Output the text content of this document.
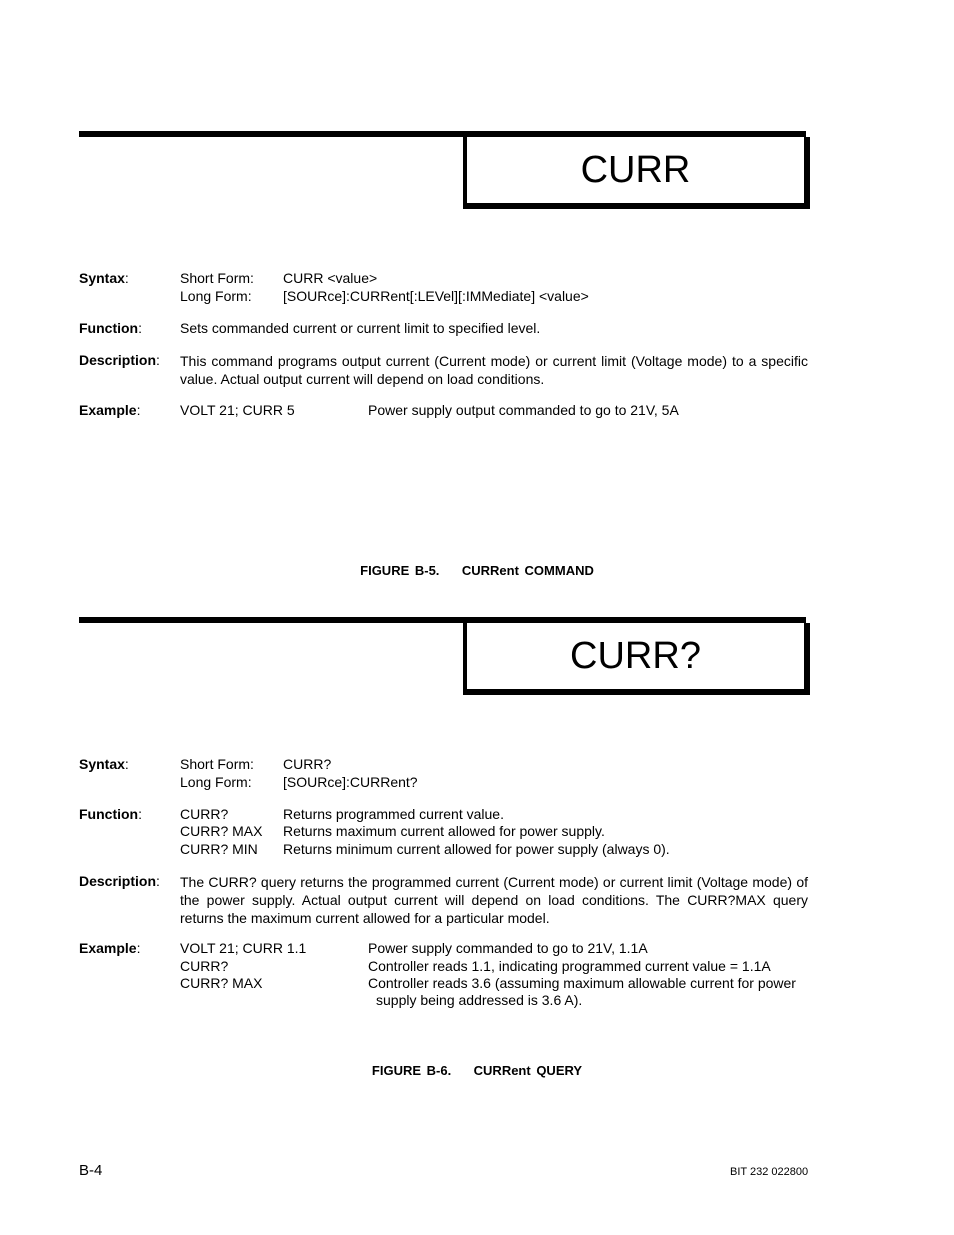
CURR
Syntax:	Short Form: CURR <value>
Long Form: [SOURce]:CURRent[:LEVel][:IMMediate] <value>
Function:	Sets commanded current or current limit to specified level.
Description: This command programs output current (Current mode) or current limit (Voltage mode) to a specific value. Actual output current will depend on load conditions.
Example:	VOLT 21; CURR 5	Power supply output commanded to go to 21V, 5A
FIGURE B-5.    CURRent COMMAND
CURR?
Syntax:	Short Form: CURR?
Long Form: [SOURce]:CURRent?
Function:	CURR?	Returns programmed current value.
CURR? MAX Returns maximum current allowed for power supply.
CURR? MIN Returns minimum current allowed for power supply (always 0).
Description: The CURR? query returns the programmed current (Current mode) or current limit (Voltage mode) of the power supply. Actual output current will depend on load conditions. The CURR?MAX query returns the maximum current allowed for a particular model.
Example:	VOLT 21; CURR 1.1	Power supply commanded to go to 21V, 1.1A
CURR?	Controller reads 1.1, indicating programmed current value = 1.1A
CURR? MAX	Controller reads 3.6 (assuming maximum allowable current for power
supply being addressed is 3.6 A).
FIGURE B-6.    CURRent QUERY
B-4	BIT 232 022800
